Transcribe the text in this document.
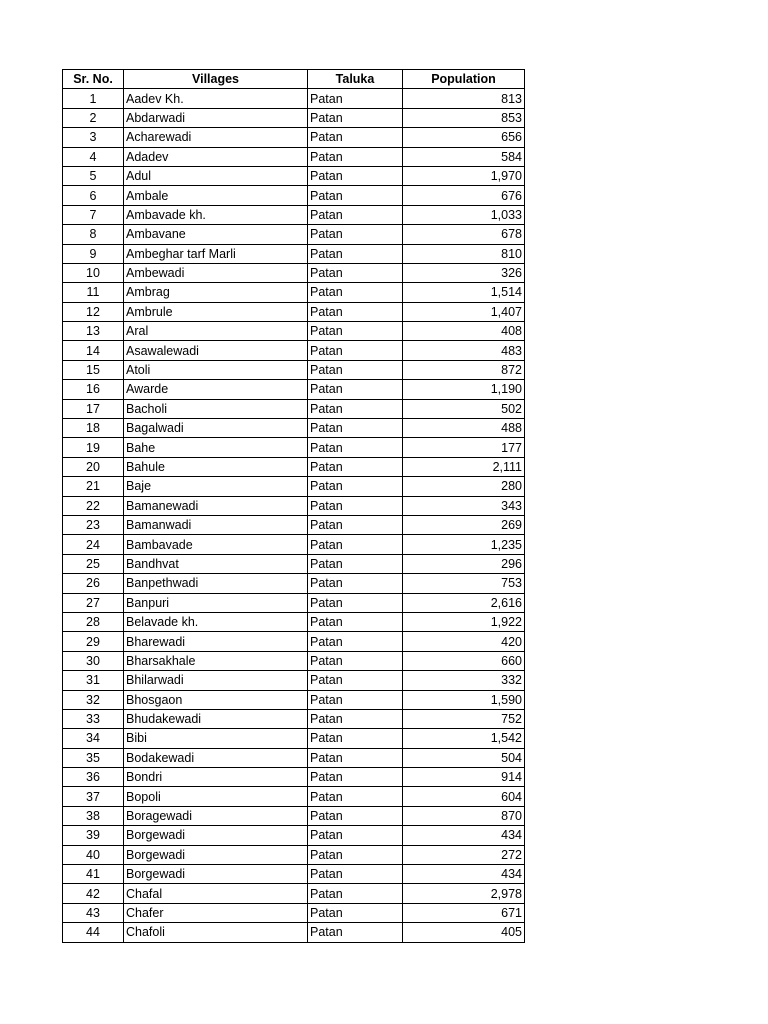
Sr. No.	Villages	Taluka	Population
1	Aadev Kh.	Patan	813
2	Abdarwadi	Patan	853
3	Acharewadi	Patan	656
4	Adadev	Patan	584
5	Adul	Patan	1,970
6	Ambale	Patan	676
7	Ambavade kh.	Patan	1,033
8	Ambavane	Patan	678
9	Ambeghar tarf Marli	Patan	810
10	Ambewadi	Patan	326
11	Ambrag	Patan	1,514
12	Ambrule	Patan	1,407
13	Aral	Patan	408
14	Asawalewadi	Patan	483
15	Atoli	Patan	872
16	Awarde	Patan	1,190
17	Bacholi	Patan	502
18	Bagalwadi	Patan	488
19	Bahe	Patan	177
20	Bahule	Patan	2,111
21	Baje	Patan	280
22	Bamanewadi	Patan	343
23	Bamanwadi	Patan	269
24	Bambavade	Patan	1,235
25	Bandhvat	Patan	296
26	Banpethwadi	Patan	753
27	Banpuri	Patan	2,616
28	Belavade kh.	Patan	1,922
29	Bharewadi	Patan	420
30	Bharsakhale	Patan	660
31	Bhilarwadi	Patan	332
32	Bhosgaon	Patan	1,590
33	Bhudakewadi	Patan	752
34	Bibi	Patan	1,542
35	Bodakewadi	Patan	504
36	Bondri	Patan	914
37	Bopoli	Patan	604
38	Boragewadi	Patan	870
39	Borgewadi	Patan	434
40	Borgewadi	Patan	272
41	Borgewadi	Patan	434
42	Chafal	Patan	2,978
43	Chafer	Patan	671
44	Chafoli	Patan	405
